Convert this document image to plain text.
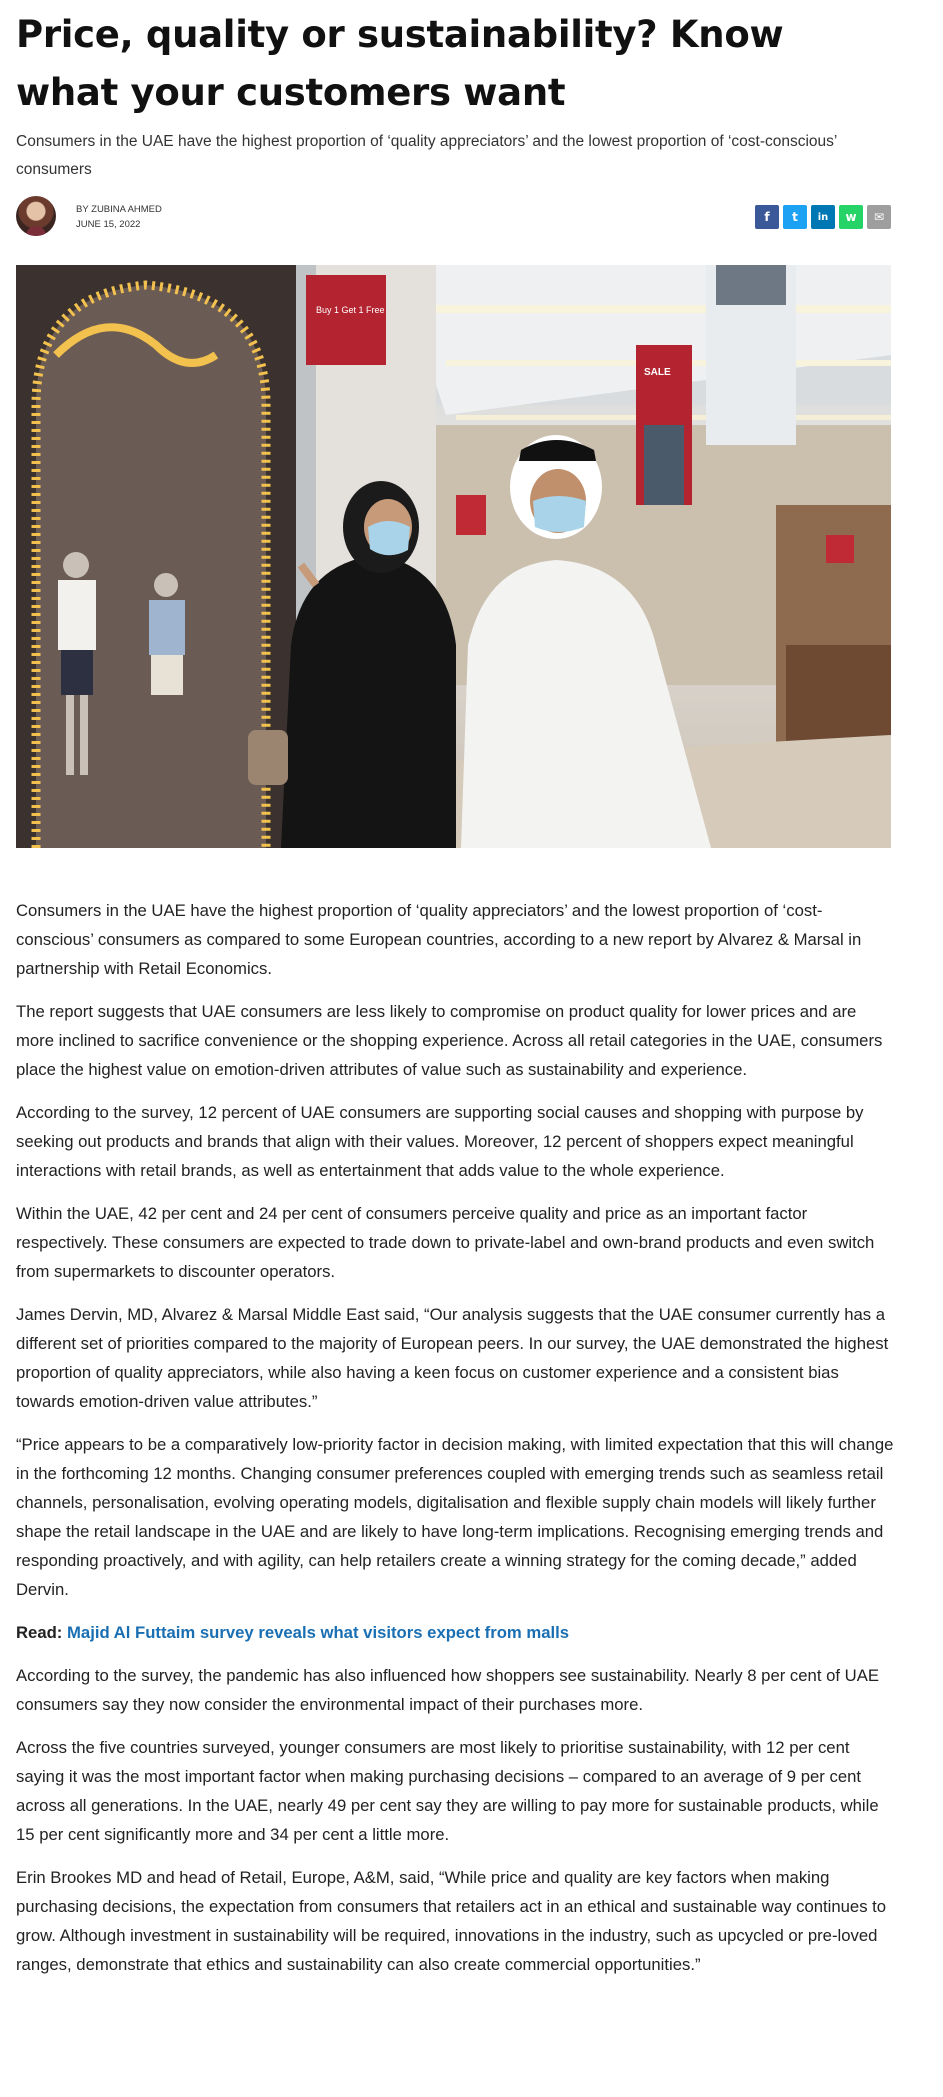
Price, quality or sustainability? Know what your customers want

Consumers in the UAE have the highest proportion of ‘quality appreciators’ and the lowest proportion of ‘cost-conscious’ consumers

BY ZUBINA AHMED
JUNE 15, 2022
f	t	in	w	✉
Buy 1 Get 1 Free
SALE

Consumers in the UAE have the highest proportion of ‘quality appreciators’ and the lowest proportion of ‘cost-conscious’ consumers as compared to some European countries, according to a new report by Alvarez & Marsal in partnership with Retail Economics.

The report suggests that UAE consumers are less likely to compromise on product quality for lower prices and are more inclined to sacrifice convenience or the shopping experience. Across all retail categories in the UAE, consumers place the highest value on emotion-driven attributes of value such as sustainability and experience.

According to the survey, 12 percent of UAE consumers are supporting social causes and shopping with purpose by seeking out products and brands that align with their values. Moreover, 12 percent of shoppers expect meaningful interactions with retail brands, as well as entertainment that adds value to the whole experience.

Within the UAE, 42 per cent and 24 per cent of consumers perceive quality and price as an important factor respectively. These consumers are expected to trade down to private-label and own-brand products and even switch from supermarkets to discounter operators.

James Dervin, MD, Alvarez & Marsal Middle East said, “Our analysis suggests that the UAE consumer currently has a different set of priorities compared to the majority of European peers. In our survey, the UAE demonstrated the highest proportion of quality appreciators, while also having a keen focus on customer experience and a consistent bias towards emotion-driven value attributes.”

“Price appears to be a comparatively low-priority factor in decision making, with limited expectation that this will change in the forthcoming 12 months. Changing consumer preferences coupled with emerging trends such as seamless retail channels, personalisation, evolving operating models, digitalisation and flexible supply chain models will likely further shape the retail landscape in the UAE and are likely to have long-term implications. Recognising emerging trends and responding proactively, and with agility, can help retailers create a winning strategy for the coming decade,” added Dervin.

Read: Majid Al Futtaim survey reveals what visitors expect from malls

According to the survey, the pandemic has also influenced how shoppers see sustainability. Nearly 8 per cent of UAE consumers say they now consider the environmental impact of their purchases more.

Across the five countries surveyed, younger consumers are most likely to prioritise sustainability, with 12 per cent saying it was the most important factor when making purchasing decisions – compared to an average of 9 per cent across all generations. In the UAE, nearly 49 per cent say they are willing to pay more for sustainable products, while 15 per cent significantly more and 34 per cent a little more.

Erin Brookes MD and head of Retail, Europe, A&M, said, “While price and quality are key factors when making purchasing decisions, the expectation from consumers that retailers act in an ethical and sustainable way continues to grow. Although investment in sustainability will be required, innovations in the industry, such as upcycled or pre-loved ranges, demonstrate that ethics and sustainability can also create commercial opportunities.”
